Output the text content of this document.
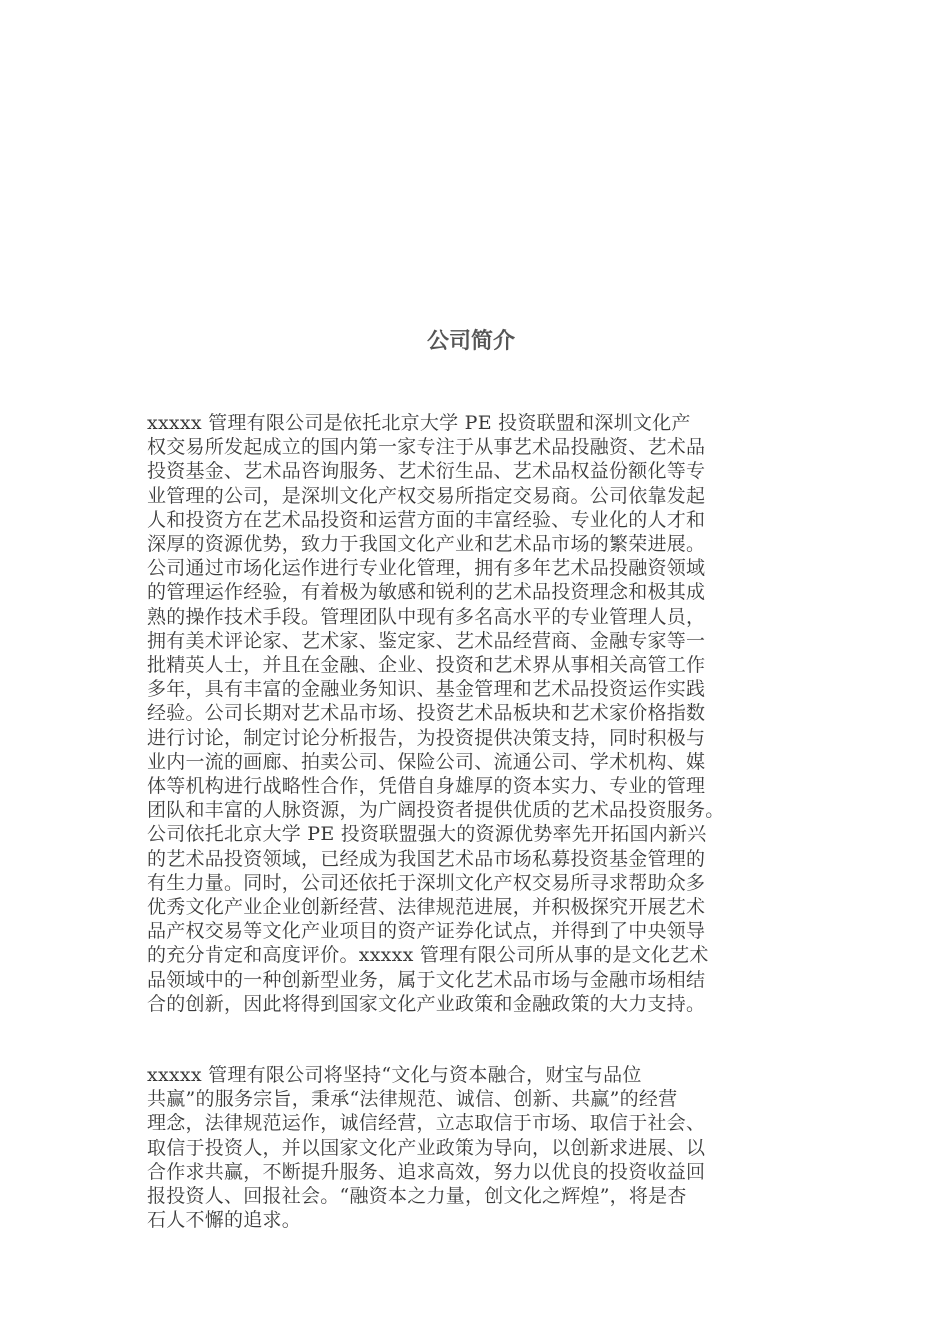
公司简介

xxxxx 管理有限公司是依托北京大学 PE 投资联盟和深圳文化产
权交易所发起成立的国内第一家专注于从事艺术品投融资、艺术品
投资基金、艺术品咨询服务、艺术衍生品、艺术品权益份额化等专
业管理的公司，是深圳文化产权交易所指定交易商。公司依靠发起
人和投资方在艺术品投资和运营方面的丰富经验、专业化的人才和
深厚的资源优势，致力于我国文化产业和艺术品市场的繁荣进展。
公司通过市场化运作进行专业化管理，拥有多年艺术品投融资领域
的管理运作经验，有着极为敏感和锐利的艺术品投资理念和极其成
熟的操作技术手段。管理团队中现有多名高水平的专业管理人员，
拥有美术评论家、艺术家、鉴定家、艺术品经营商、金融专家等一
批精英人士，并且在金融、企业、投资和艺术界从事相关高管工作
多年，具有丰富的金融业务知识、基金管理和艺术品投资运作实践
经验。公司长期对艺术品市场、投资艺术品板块和艺术家价格指数
进行讨论，制定讨论分析报告，为投资提供决策支持，同时积极与
业内一流的画廊、拍卖公司、保险公司、流通公司、学术机构、媒
体等机构进行战略性合作，凭借自身雄厚的资本实力、专业的管理
团队和丰富的人脉资源，为广阔投资者提供优质的艺术品投资服务。
公司依托北京大学 PE 投资联盟强大的资源优势率先开拓国内新兴
的艺术品投资领域，已经成为我国艺术品市场私募投资基金管理的
有生力量。同时，公司还依托于深圳文化产权交易所寻求帮助众多
优秀文化产业企业创新经营、法律规范进展，并积极探究开展艺术
品产权交易等文化产业项目的资产证券化试点，并得到了中央领导
的充分肯定和高度评价。xxxxx 管理有限公司所从事的是文化艺术
品领域中的一种创新型业务，属于文化艺术品市场与金融市场相结
合的创新，因此将得到国家文化产业政策和金融政策的大力支持。

xxxxx 管理有限公司将坚持“文化与资本融合，财宝与品位
共赢”的服务宗旨，秉承“法律规范、诚信、创新、共赢”的经营
理念，法律规范运作，诚信经营，立志取信于市场、取信于社会、
取信于投资人，并以国家文化产业政策为导向，以创新求进展、以
合作求共赢，不断提升服务、追求高效，努力以优良的投资收益回
报投资人、回报社会。“融资本之力量，创文化之辉煌”，将是杏
石人不懈的追求。
